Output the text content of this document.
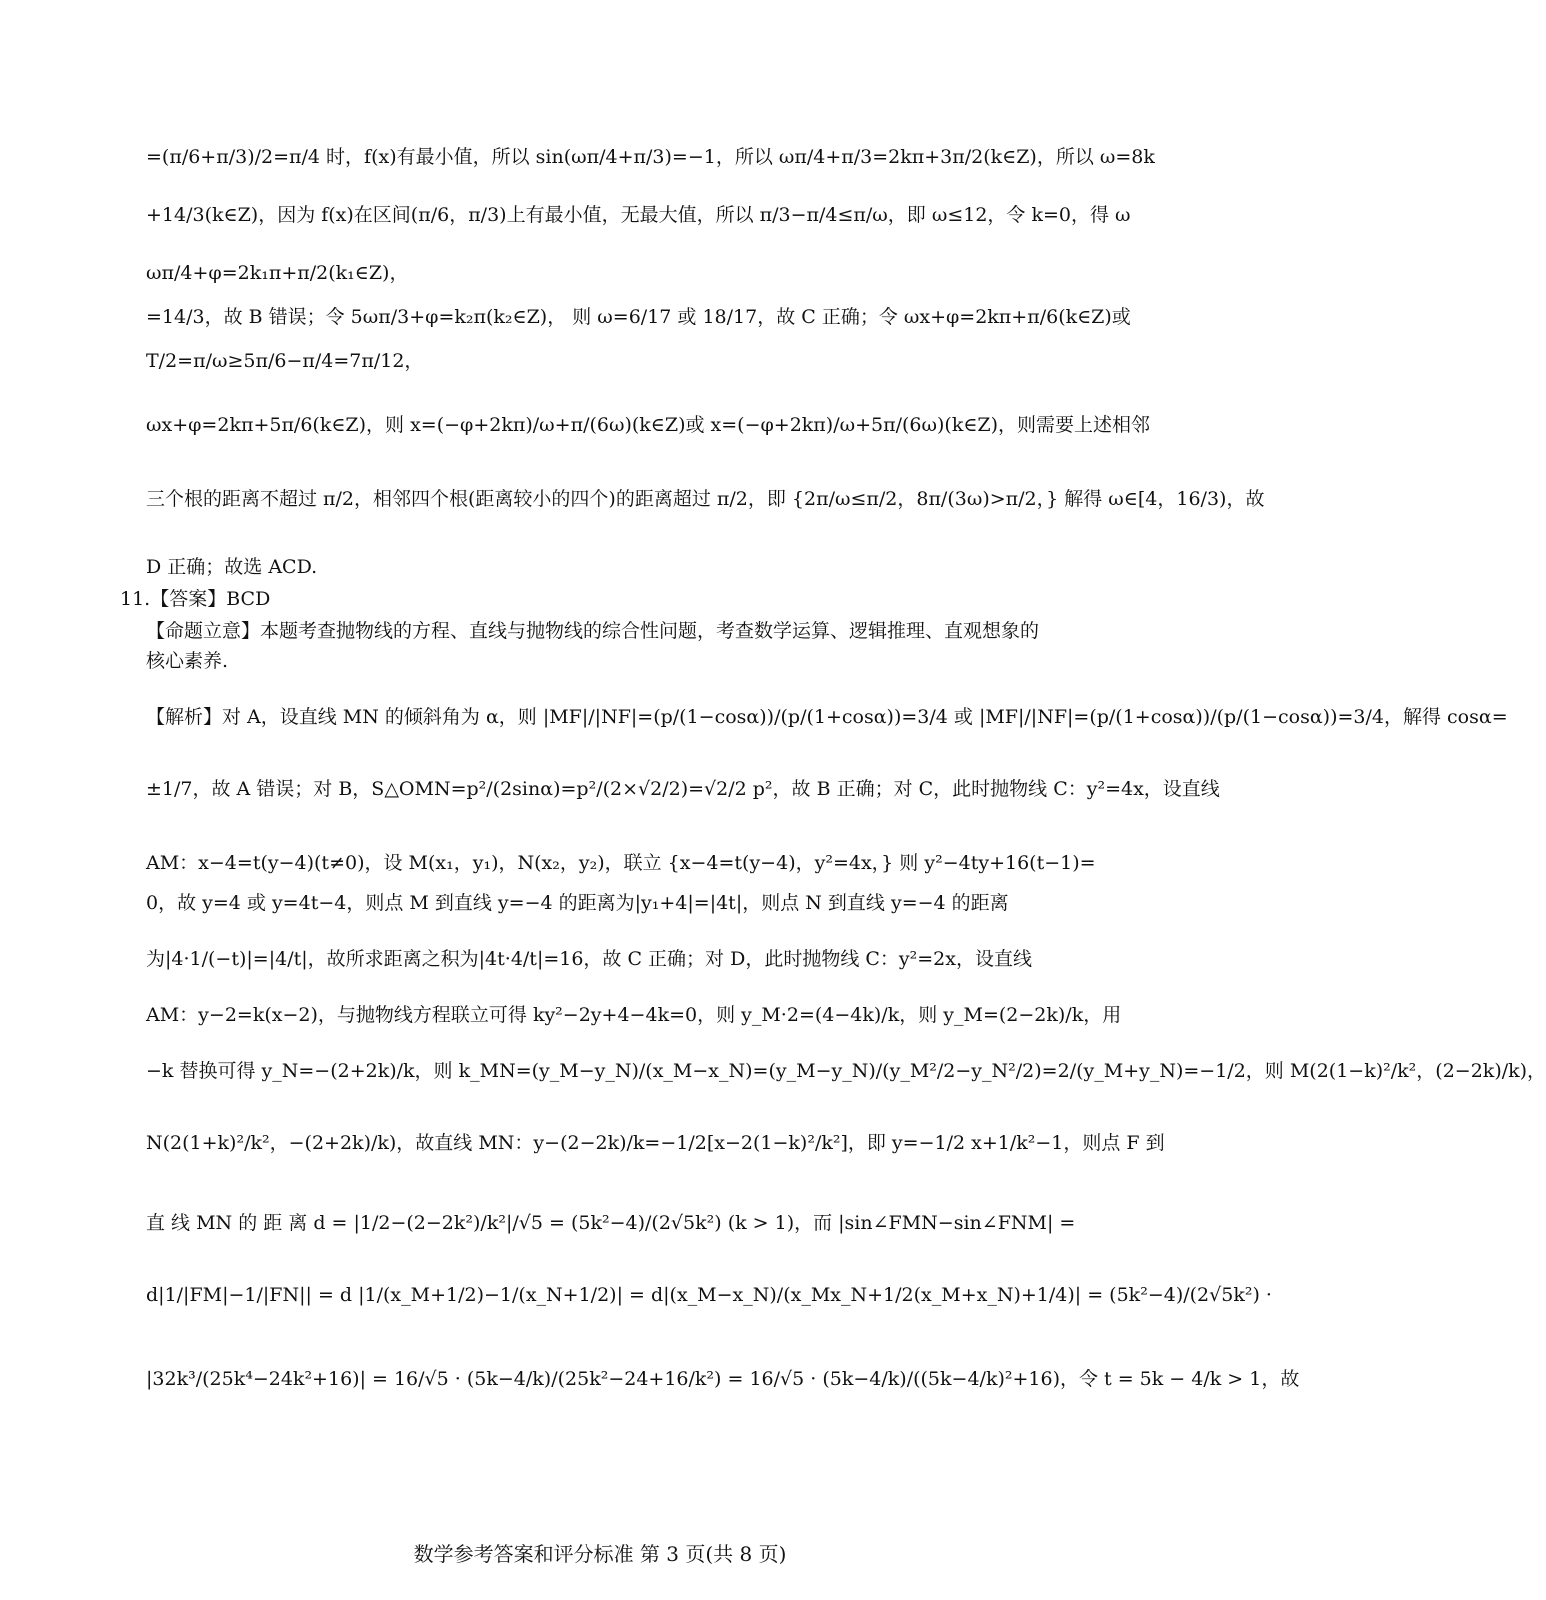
=(π/6+π/3)/2=π/4 时，f(x)有最小值，所以 sin(ωπ/4+π/3)=−1，所以 ωπ/4+π/3=2kπ+3π/2(k∈Z)，所以 ω=8k
+14/3(k∈Z)，因为 f(x)在区间(π/6，π/3)上有最小值，无最大值，所以 π/3−π/4≤π/ω，即 ω≤12，令 k=0，得 ω
ωπ/4+φ=2k₁π+π/2(k₁∈Z)，
=14/3，故 B 错误；令 5ωπ/3+φ=k₂π(k₂∈Z)， 则 ω=6/17 或 18/17，故 C 正确；令 ωx+φ=2kπ+π/6(k∈Z)或
T/2=π/ω≥5π/6−π/4=7π/12，
ωx+φ=2kπ+5π/6(k∈Z)，则 x=(−φ+2kπ)/ω+π/(6ω)(k∈Z)或 x=(−φ+2kπ)/ω+5π/(6ω)(k∈Z)，则需要上述相邻
三个根的距离不超过 π/2，相邻四个根(距离较小的四个)的距离超过 π/2，即 {2π/ω≤π/2，8π/(3ω)>π/2，} 解得 ω∈[4，16/3)，故
D 正确；故选 ACD.
11.【答案】BCD
【命题立意】本题考查抛物线的方程、直线与抛物线的综合性问题，考查数学运算、逻辑推理、直观想象的
核心素养.
【解析】对 A，设直线 MN 的倾斜角为 α，则 |MF|/|NF|=(p/(1−cosα))/(p/(1+cosα))=3/4 或 |MF|/|NF|=(p/(1+cosα))/(p/(1−cosα))=3/4，解得 cosα=
±1/7，故 A 错误；对 B，S△OMN=p²/(2sinα)=p²/(2×√2/2)=√2/2 p²，故 B 正确；对 C，此时抛物线 C：y²=4x，设直线
AM：x−4=t(y−4)(t≠0)，设 M(x₁，y₁)，N(x₂，y₂)，联立 {x−4=t(y−4)，y²=4x，} 则 y²−4ty+16(t−1)=
0，故 y=4 或 y=4t−4，则点 M 到直线 y=−4 的距离为|y₁+4|=|4t|，则点 N 到直线 y=−4 的距离
为|4·1/(−t)|=|4/t|，故所求距离之积为|4t·4/t|=16，故 C 正确；对 D，此时抛物线 C：y²=2x，设直线
AM：y−2=k(x−2)，与抛物线方程联立可得 ky²−2y+4−4k=0，则 y_M·2=(4−4k)/k，则 y_M=(2−2k)/k，用
−k 替换可得 y_N=−(2+2k)/k，则 k_MN=(y_M−y_N)/(x_M−x_N)=(y_M−y_N)/(y_M²/2−y_N²/2)=2/(y_M+y_N)=−1/2，则 M(2(1−k)²/k²，(2−2k)/k)，
N(2(1+k)²/k²，−(2+2k)/k)，故直线 MN：y−(2−2k)/k=−1/2[x−2(1−k)²/k²]，即 y=−1/2 x+1/k²−1，则点 F 到
直 线 MN 的 距 离 d = |1/2−(2−2k²)/k²|/√5 = (5k²−4)/(2√5k²) (k > 1)，而 |sin∠FMN−sin∠FNM| =
d|1/|FM|−1/|FN|| = d |1/(x_M+1/2)−1/(x_N+1/2)| = d|(x_M−x_N)/(x_Mx_N+1/2(x_M+x_N)+1/4)| = (5k²−4)/(2√5k²) ·
|32k³/(25k⁴−24k²+16)| = 16/√5 · (5k−4/k)/(25k²−24+16/k²) = 16/√5 · (5k−4/k)/((5k−4/k)²+16)，令 t = 5k − 4/k > 1，故
数学参考答案和评分标准 第 3 页(共 8 页)
